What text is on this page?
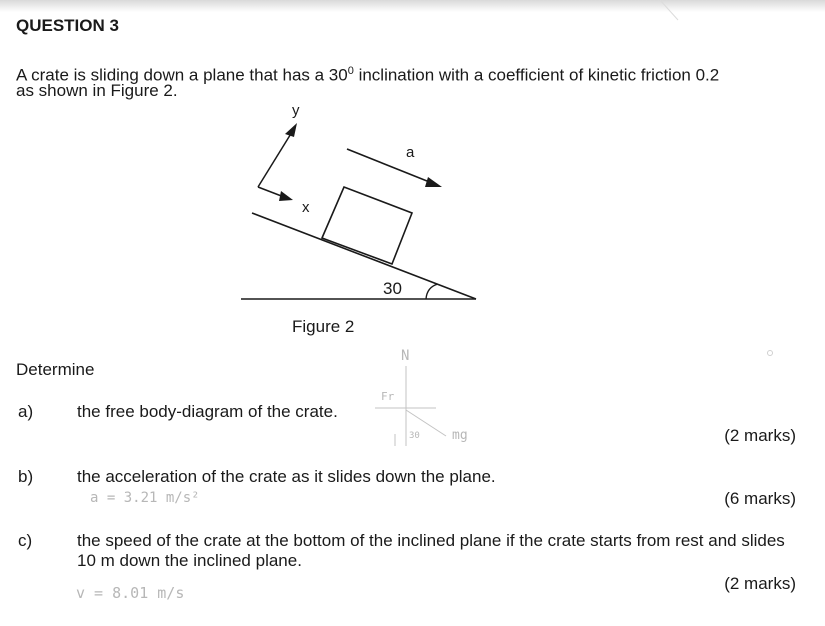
QUESTION 3
A crate is sliding down a plane that has a $30^0$ inclination with a coefficient of kinetic friction 0.2
as shown in Figure 2.
y
x
a
30
Figure 2
N
Fr
mg
30
Determine
a)	the free body-diagram of the crate.
(2 marks)
b)	the acceleration of the crate as it slides down the plane.
a = 3.21 m/s²	(6 marks)
c)	the speed of the crate at the bottom of the inclined plane if the crate starts from rest and slides 10 m down the inclined plane.
v = 8.01 m/s	(2 marks)
